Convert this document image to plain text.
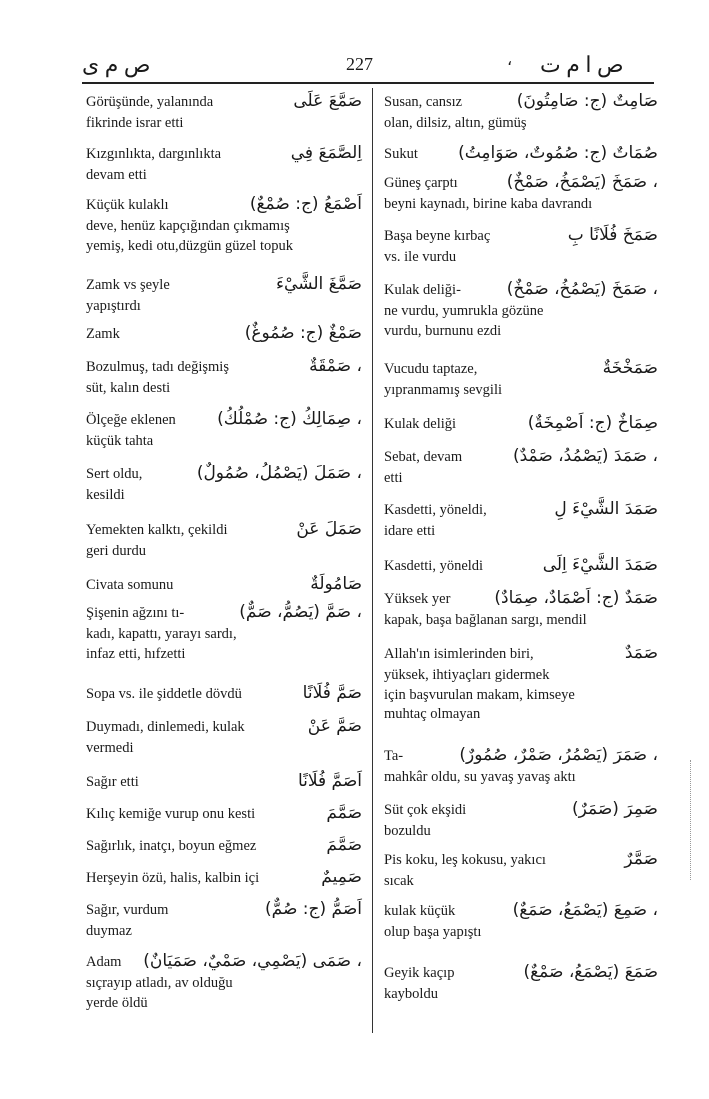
ص م ى	227	، ص ا م ت
Görüşünde, yalanında	صَمَّعَ عَلَى
fikrinde israr etti
Kızgınlıkta, dargınlıkta	اِلصَّمَعَ فِي
devam etti
Küçük kulaklı	اَصْمَعُ (ج: صُمْعٌ)
deve, henüz kapçığından çıkmamış
yemiş, kedi otu,düzgün güzel topuk
Zamk vs şeyle	صَمَّغَ الشَّيْءَ
yapıştırdı
Zamk	صَمْغٌ (ج: صُمُوغٌ)
Bozulmuş, tadı değişmiş	، صَمْقَةٌ
süt, kalın desti
Ölçeğe eklenen ، صِمَالِكُ (ج: صُمْلُكُ)
küçük tahta
Sert oldu,	، صَمَلَ (يَصْمُلُ، صُمُولٌ)
kesildi
Yemekten kalktı, çekildi	صَمَلَ عَنْ
geri durdu
Civata somunu	صَامُولَةٌ
Şişenin ağzını tı-	، صَمَّ (يَصُمُّ، صَمٌّ)
kadı, kapattı, yarayı sardı,
infaz etti, hıfzetti
Sopa vs. ile şiddetle dövdü	صَمَّ فُلَانًا
Duymadı, dinlemedi, kulak	صَمَّ عَنْ
vermedi
Sağır etti	اَصَمَّ فُلَانًا
Kılıç kemiğe vurup onu kesti	صَمَّمَ
Sağırlık, inatçı, boyun eğmez	صَمَّمَ
Herşeyin özü, halis, kalbin içi	صَمِيمٌ
Sağır, vurdum	اَصَمُّ (ج: صُمٌّ)
duymaz
Adam ، صَمَى (يَصْمِي، صَمْيٌ، صَمَيَانٌ)
sıçrayıp atladı, av olduğu
yerde öldü
Susan, cansız	صَامِتٌ (ج: صَامِتُونَ)
olan, dilsiz, altın, gümüş
Sukut صُمَاتٌ (ج: صُمُوتٌ، صَوَامِتُ)
Güneş çarptı	، صَمَخَ (يَصْمَخُ، صَمْخٌ)
beyni kaynadı, birine kaba davrandı
Başa beyne kırbaç	صَمَخَ فُلَانًا بِ
vs. ile vurdu
Kulak deliği-	، صَمَخَ (يَصْمُخُ، صَمْخٌ)
ne vurdu, yumrukla gözüne
vurdu, burnunu ezdi
Vucudu taptaze,	صَمَخْخَةٌ
yıpranmamış sevgili
Kulak deliği	صِمَاخٌ (ج: اَصْمِخَةٌ)
Sebat, devam	، صَمَدَ (يَصْمُدُ، صَمْدٌ)
etti
Kasdetti, yöneldi,	صَمَدَ الشَّيْءَ لِ
idare etti
Kasdetti, yöneldi	صَمَدَ الشَّيْءَ اِلَى
Yüksek yer	صَمَدٌ (ج: اَصْمَادٌ، صِمَادٌ)
kapak, başa bağlanan sargı, mendil
Allah'ın isimlerinden biri,	صَمَدٌ
yüksek, ihtiyaçları gidermek
için başvurulan makam, kimseye
muhtaç olmayan
Ta-	، صَمَرَ (يَصْمُرُ، صَمْرٌ، صُمُورٌ)
mahkâr oldu, su yavaş yavaş aktı
Süt çok ekşidi	صَمِرَ (صَمَرٌ)
bozuldu
Pis koku, leş kokusu, yakıcı	صَمَّرٌ
sıcak
kulak küçük	، صَمِعَ (يَصْمَعُ، صَمَعٌ)
olup başa yapıştı
Geyik kaçıp	صَمَعَ (يَصْمَعُ، صَمْعٌ)
kayboldu
